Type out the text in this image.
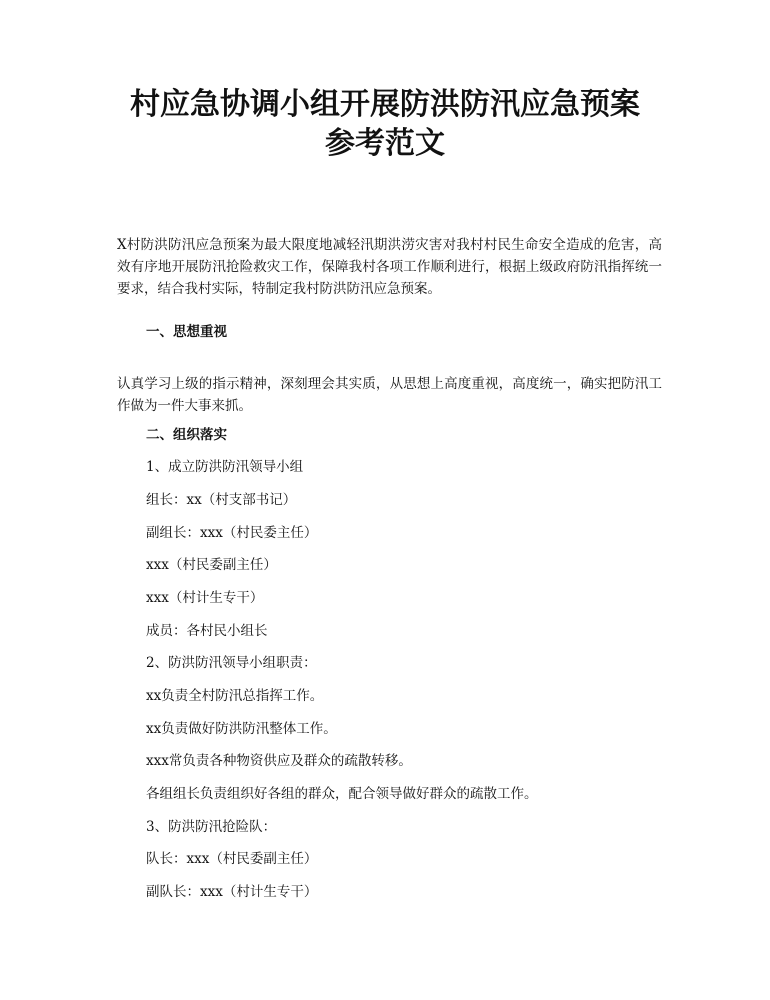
村应急协调小组开展防洪防汛应急预案
参考范文

X村防洪防汛应急预案为最大限度地减轻汛期洪涝灾害对我村村民生命安全造成的危害，高效有序地开展防汛抢险救灾工作，保障我村各项工作顺利进行，根据上级政府防汛指挥统一要求，结合我村实际，特制定我村防洪防汛应急预案。

一、思想重视

认真学习上级的指示精神，深刻理会其实质，从思想上高度重视，高度统一，确实把防汛工作做为一件大事来抓。

二、组织落实

1、成立防洪防汛领导小组

组长：xx（村支部书记）

副组长：xxx（村民委主任）

xxx（村民委副主任）

xxx（村计生专干）

成员：各村民小组长

2、防洪防汛领导小组职责：

xx负责全村防汛总指挥工作。

xx负责做好防洪防汛整体工作。

xxx常负责各种物资供应及群众的疏散转移。

各组组长负责组织好各组的群众，配合领导做好群众的疏散工作。

3、防洪防汛抢险队：

队长：xxx（村民委副主任）

副队长：xxx（村计生专干）
